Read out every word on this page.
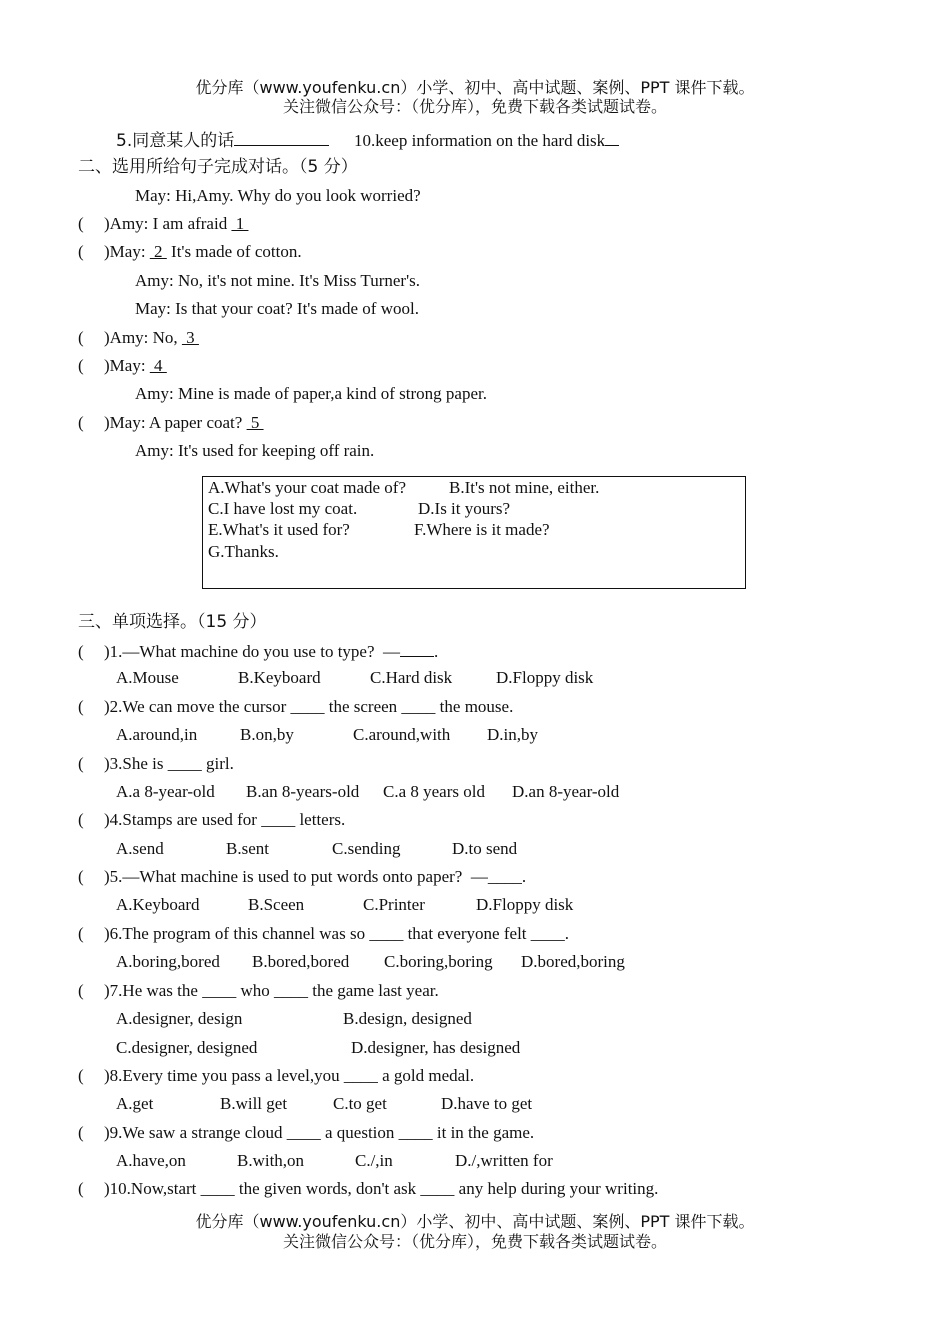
优分库（www.youfenku.cn）小学、初中、高中试题、案例、PPT 课件下载。
关注微信公众号：（优分库），免费下载各类试题试卷。
5.同意某人的话	10.keep information on the hard disk
二、选用所给句子完成对话。（5 分）
May: Hi,Amy. Why do you look worried?
( )Amy: I am afraid  1
( )May:  2  It's made of cotton.
Amy: No, it's not mine. It's Miss Turner's.
May: Is that your coat? It's made of wool.
( )Amy: No,  3
( )May:  4
Amy: Mine is made of paper,a kind of strong paper.
( )May: A paper coat?  5
Amy: It's used for keeping off rain.
A.What's your coat made of?	B.It's not mine, either.
C.I have lost my coat.	D.Is it yours?
E.What's it used for?	F.Where is it made?
G.Thanks.
三、单项选择。（15 分）
( )1.—What machine do you use to type?  — .
A.Mouse	B.Keyboard	C.Hard disk	D.Floppy disk
( )2.We can move the cursor ____ the screen ____ the mouse.
A.around,in	B.on,by	C.around,with D.in,by
( )3.She is ____ girl.
A.a 8-year-old B.an 8-years-old C.a 8 years old D.an 8-year-old
( )4.Stamps are used for ____ letters.
A.send	B.sent	C.sending	D.to send
( )5.—What machine is used to put words onto paper?  —____.
A.Keyboard	B.Sceen	C.Printer	D.Floppy disk
( )6.The program of this channel was so ____ that everyone felt ____.
A.boring,bored B.bored,bored C.boring,boring D.bored,boring
( )7.He was the ____ who ____ the game last year.
A.designer, design	B.design, designed
C.designer, designed	D.designer, has designed
( )8.Every time you pass a level,you ____ a gold medal.
A.get	B.will get	C.to get	D.have to get
( )9.We saw a strange cloud ____ a question ____ it in the game.
A.have,on	B.with,on	C./,in	D./,written for
( )10.Now,start ____ the given words, don't ask ____ any help during your writing.
优分库（www.youfenku.cn）小学、初中、高中试题、案例、PPT 课件下载。
关注微信公众号：（优分库），免费下载各类试题试卷。
